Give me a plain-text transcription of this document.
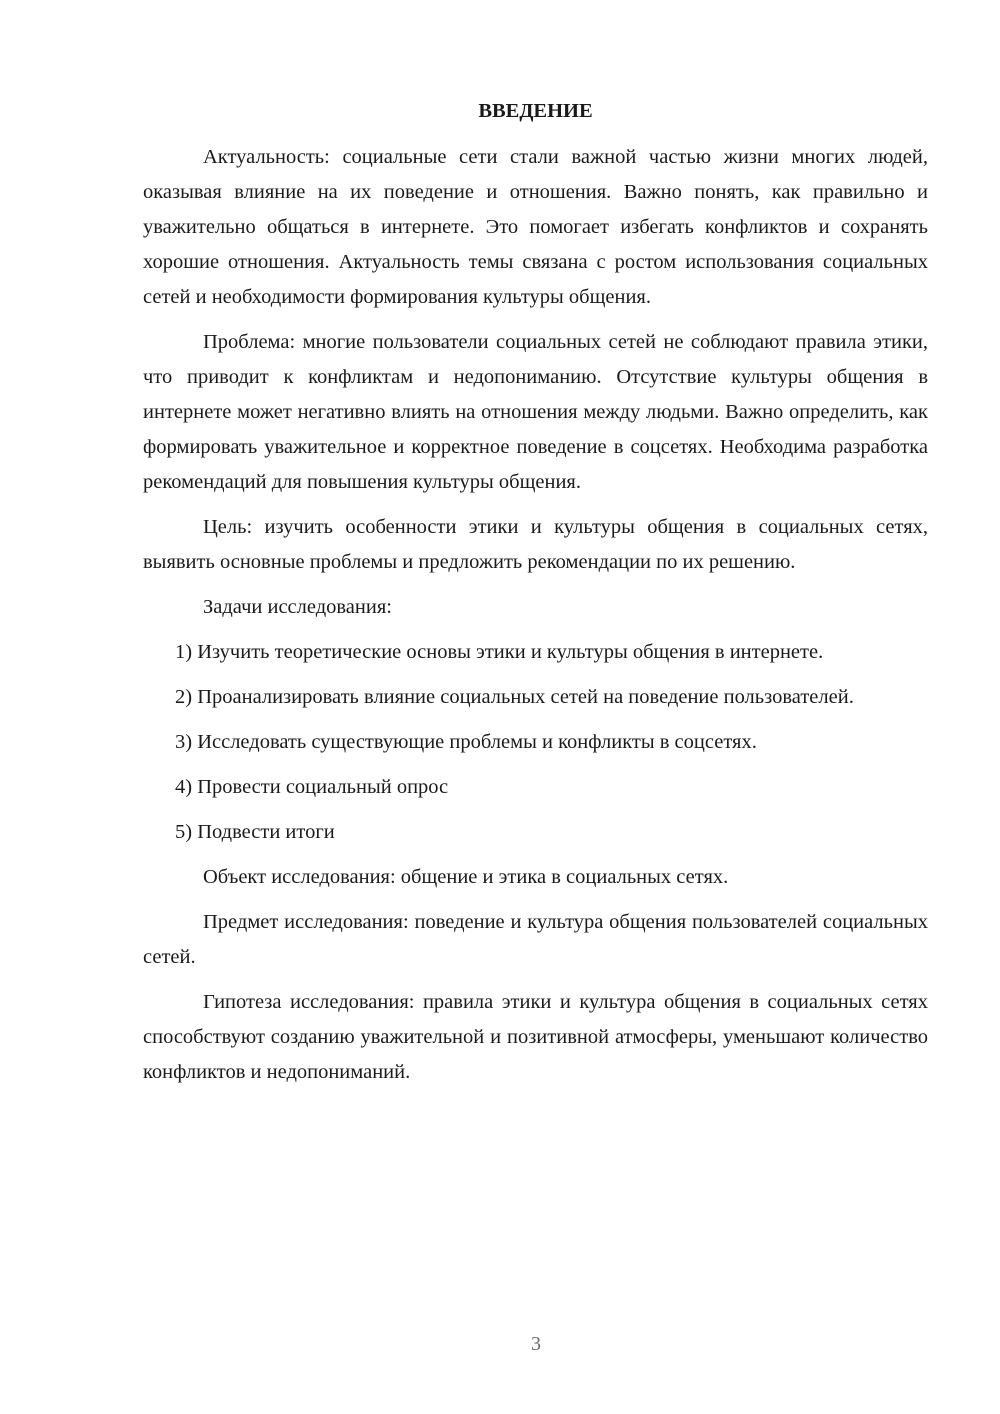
ВВЕДЕНИЕ

Актуальность: социальные сети стали важной частью жизни многих людей, оказывая влияние на их поведение и отношения. Важно понять, как правильно и уважительно общаться в интернете. Это помогает избегать конфликтов и сохранять хорошие отношения. Актуальность темы связана с ростом использования социальных сетей и необходимости формирования культуры общения.

Проблема: многие пользователи социальных сетей не соблюдают правила этики, что приводит к конфликтам и недопониманию. Отсутствие культуры общения в интернете может негативно влиять на отношения между людьми. Важно определить, как формировать уважительное и корректное поведение в соцсетях. Необходима разработка рекомендаций для повышения культуры общения.

Цель: изучить особенности этики и культуры общения в социальных сетях, выявить основные проблемы и предложить рекомендации по их решению.

Задачи исследования:

1) Изучить теоретические основы этики и культуры общения в интернете.

2) Проанализировать влияние социальных сетей на поведение пользователей.

3) Исследовать существующие проблемы и конфликты в соцсетях.

4) Провести социальный опрос

5) Подвести итоги

Объект исследования: общение и этика в социальных сетях.

Предмет исследования: поведение и культура общения пользователей социальных сетей.

Гипотеза исследования: правила этики и культура общения в социальных сетях способствуют созданию уважительной и позитивной атмосферы, уменьшают количество конфликтов и недопониманий.

3
